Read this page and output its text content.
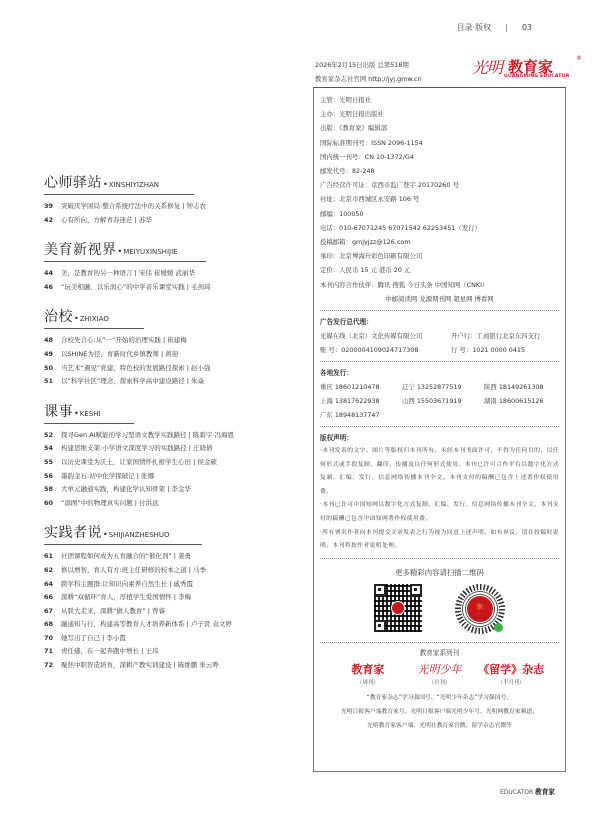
目录·版权 | 03
2026年2月15日出版 总第518期
教育家杂志社官网 http://jyj.gmw.cn
光明 教育家	®
GUANGMING EDUCATOR
主管：光明日报社
主办：光明日报出版社
出版：《教育家》编辑部
国际标准期刊号：ISSN 2096-1154
国内统一刊号：CN 10-1372/G4
邮发代号：82-248
广告经营许可证：京西市监广登字 20170260 号
社址：北京市西城区永安路 106 号
邮编：100050
电话：010-67071245 67071542 62253451（发行）
投稿邮箱：gmjyjzz@126.com
承印：北京博海升彩色印刷有限公司
定价：人民币 15 元 港币 20 元
本刊内容合作伙伴：腾讯 搜狐 今日头条 中国知网（CNKI）
中邮阅读网 龙源期刊网 超星网 博看网
广告发行总代理：
光媒在线（北京）文化传媒有限公司	开户行：工商银行北京东四支行
账 号：0200004109024717308	行 号：1021 0000 0415
各地发行：
重庆 18601210478	辽宁 13252877519	陕西 18149261308
上海 13817622938	山西 15503671919	湖南 18600615126
广东 18948137747
版权声明：

·本刊发表的文字、图片等版权归本刊所有。未经本刊书面许可，不得为任何目的、以任何形式或手段复制、翻印、传播及以任何形式使用。本刊已许可合作平台以数字化方式复制、汇编、发行、信息网络传播本刊全文。本刊支付的稿酬已包含上述著作权使用费。

·本刊已许可中国知网以数字化方式复制、汇编、发行、信息网络传播本刊全文。本刊支付的稿酬已包含中国知网著作权使用费。

·所有署名作者向本刊提交文章发表之行为视为同意上述声明。如有异议，请在投稿时说明，本刊将按作者说明处理。

更多精彩内容请扫描二维码
☼
教育家系列刊
教育家
（周刊）
光明少年
（月刊）
《留学》杂志
（半月刊）
“教育家杂志”学习强国号、“光明少年杂志”学习强国号、
光明日报客户端教育家号、光明日报客户端光明少年号、光明网教育家频道、
光明教育家客户端、光明社教育家官微、留学杂志官微等
EDUCATOR 教育家
心师驿站 • XINSHIYIZHAN
39	突破厌学困局:整合系统疗法中的关系修复 | 钟志农
42	心有所向，方解青春迷茫 | 苏华
美育新视界 • MEIYUXINSHIJIE
44	美，是教育的另一种语言 | 宋伟 崔媛媛 武丽华
46	“玩美相融、以乐润心”的中学音乐课堂实践 | 毛剑琦
治校 • ZHIXIAO
48	合校先合心:从“一”开始的治理实践 | 崔建梅
49	以SHINE为径，育新时代乡镇教师 | 蒋迎
50	当艺术“遇见”党建，特色校的发展路径探索 | 赵小强
51	以“科学社区”理念，探索科学高中建设路径 | 朱焱
课事 • KESHI
52	探寻Gen AI赋能的学习型语文教学实践路径 | 陈碧宇 冯海恩
54	构建思维支架:小学语文深度学习的实践路径 | 庄晓倩
55	以历史课堂为沃土，让家国情怀扎根学生心田 | 侯金硕
56	墨韵金石:初中化学探破记 | 张娜
58	大单元融通实践，构建化学认知骨架 | 李金华
60	“添图”中的物理真实问题 | 付洪远
实践者说 • SHIJIANZHESHUO
61	社团课程如何成为五育融合的“催化剂” | 姜勇
62	修以增智，育人有方:班主任研修的校本之道 | 马季
64	跨学科主题群:让知识向素养自然生长 | 戚秀霞
66	深耕“双循环”育人，厚植学生爱国情怀 | 李梅
67	从联大走来，深耕“做人教育” | 曾睿
68	融通知与行，构建高等教育人才培养新体系 | 卢子贤 袁文婷
70	她写出了自己 | 李小霞
71	责任感，在一起奔跑中增长 | 王玮
72	聚焦中职智造培育，深耕产教实训建设 | 陈维鹏 朱云晔
